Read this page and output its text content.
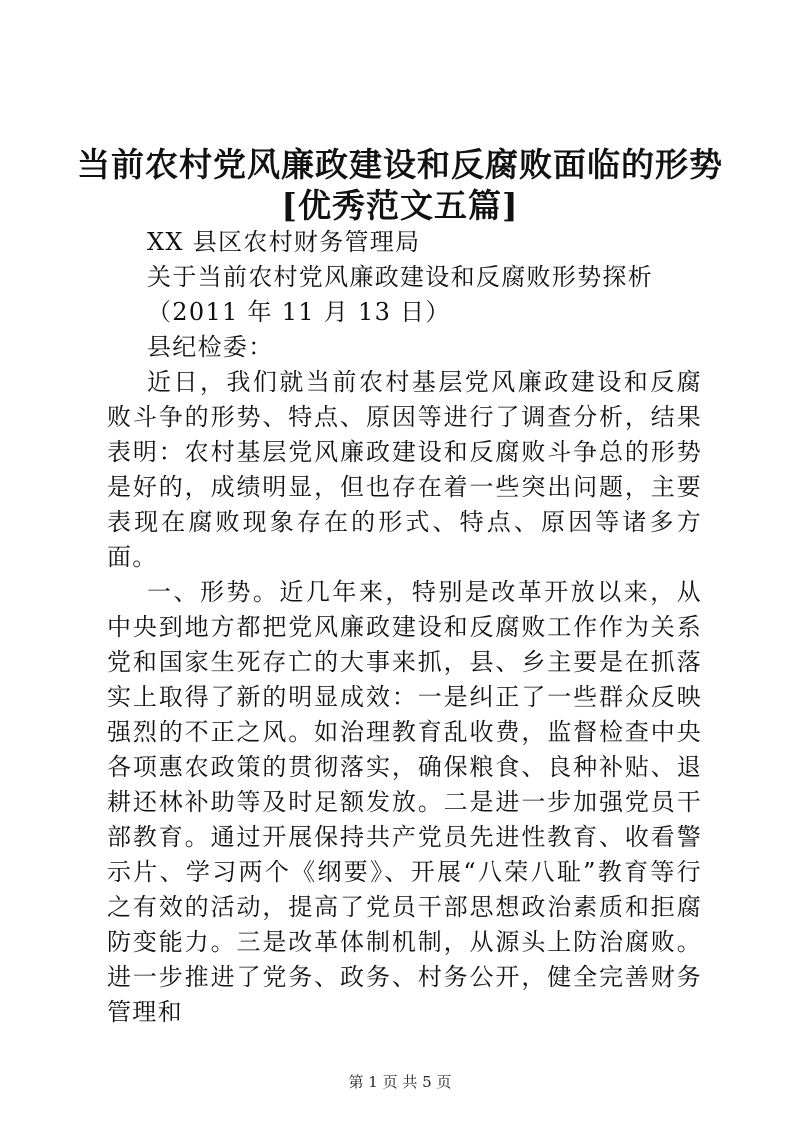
当前农村党风廉政建设和反腐败面临的形势
[优秀范文五篇]

XX 县区农村财务管理局

关于当前农村党风廉政建设和反腐败形势探析

（2011 年 11 月 13 日）

县纪检委：

近日，我们就当前农村基层党风廉政建设和反腐败斗争的形势、特点、原因等进行了调查分析，结果表明：农村基层党风廉政建设和反腐败斗争总的形势是好的，成绩明显，但也存在着一些突出问题，主要表现在腐败现象存在的形式、特点、原因等诸多方面。

一、形势。近几年来，特别是改革开放以来，从中央到地方都把党风廉政建设和反腐败工作作为关系党和国家生死存亡的大事来抓，县、乡主要是在抓落实上取得了新的明显成效：一是纠正了一些群众反映强烈的不正之风。如治理教育乱收费，监督检查中央各项惠农政策的贯彻落实，确保粮食、良种补贴、退耕还林补助等及时足额发放。二是进一步加强党员干部教育。通过开展保持共产党员先进性教育、收看警示片、学习两个《纲要》、开展“八荣八耻”教育等行之有效的活动，提高了党员干部思想政治素质和拒腐防变能力。三是改革体制机制，从源头上防治腐败。进一步推进了党务、政务、村务公开，健全完善财务管理和

第 1 页 共 5 页
